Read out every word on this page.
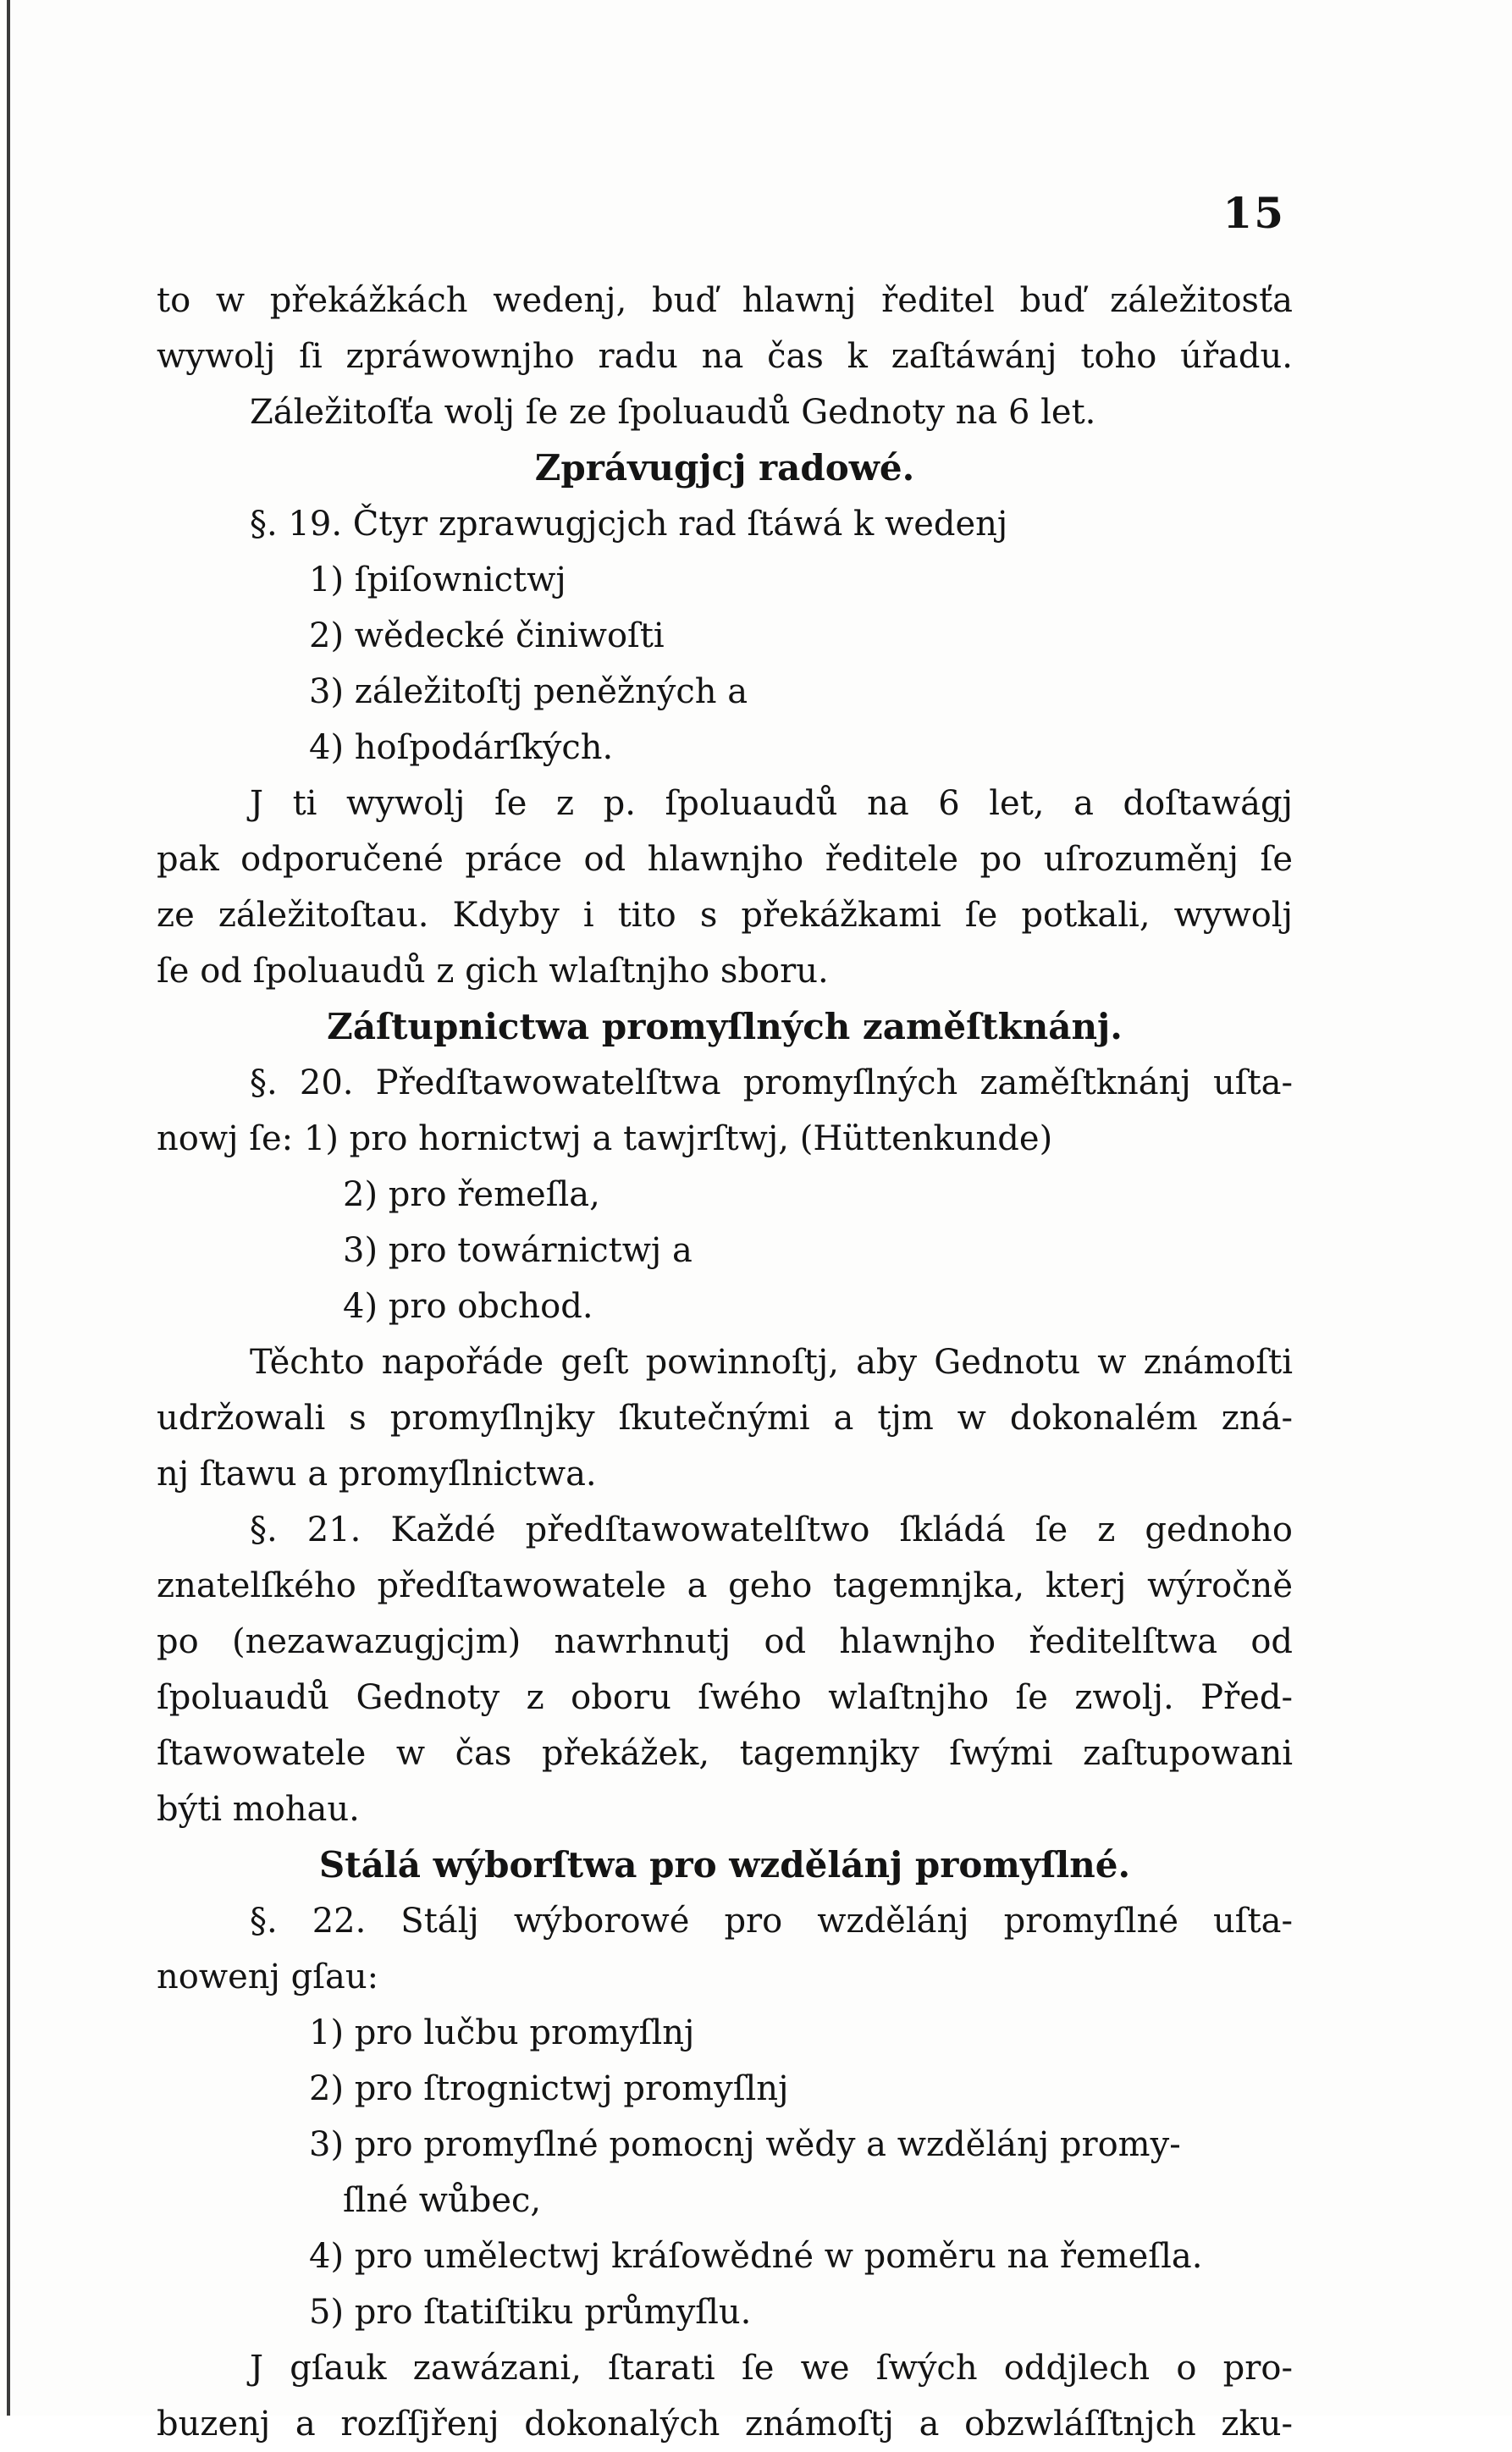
15
to w překážkách wedenj, buď hlawnj ředitel buď záležitosťa
wywolj ſi zpráwownjho radu na čas k zaſtáwánj toho úřadu.
Záležitoſťa wolj ſe ze ſpoluaudů Gednoty na 6 let.
Zprávugjcj radowé.
§. 19. Čtyr zprawugjcjch rad ſtáwá k wedenj
1) ſpiſownictwj
2) wědecké činiwoſti
3) záležitoſtj peněžných a
4) hoſpodárſkých.
J ti wywolj ſe z p. ſpoluaudů na 6 let, a doſtawágj
pak odporučené práce od hlawnjho ředitele po uſrozuměnj ſe
ze záležitoſtau. Kdyby i tito s překážkami ſe potkali, wywolj
ſe od ſpoluaudů z gich wlaſtnjho sboru.
Záſtupnictwa promyſlných zaměſtknánj.
§. 20. Předſtawowatelſtwa promyſlných zaměſtknánj uſta-
nowj ſe: 1) pro hornictwj a tawjrſtwj, (Hüttenkunde)
2) pro řemeſla,
3) pro towárnictwj a
4) pro obchod.
Těchto napořáde geſt powinnoſtj, aby Gednotu w známoſti
udržowali s promyſlnjky ſkutečnými a tjm w dokonalém zná-
nj ſtawu a promyſlnictwa.
§. 21. Každé předſtawowatelſtwo ſkládá ſe z gednoho
znatelſkého předſtawowatele a geho tagemnjka, kterj wýročně
po (nezawazugjcjm) nawrhnutj od hlawnjho ředitelſtwa od
ſpoluaudů Gednoty z oboru ſwého wlaſtnjho ſe zwolj. Před-
ſtawowatele w čas překážek, tagemnjky ſwými zaſtupowani
býti mohau.
Stálá wýborſtwa pro wzdělánj promyſlné.
§. 22. Stálj wýborowé pro wzdělánj promyſlné uſta-
nowenj gſau:
1) pro lučbu promyſlnj
2) pro ſtrognictwj promyſlnj
3) pro promyſlné pomocnj wědy a wzdělánj promy-
ſlné wůbec,
4) pro umělectwj kráſowědné w poměru na řemeſla.
5) pro ſtatiſtiku průmyſlu.
J gſauk zawázani, ſtarati ſe we ſwých oddjlech o pro-
buzenj a rozſſjřenj dokonalých známoſtj a obzwláſſtnjch zku-
